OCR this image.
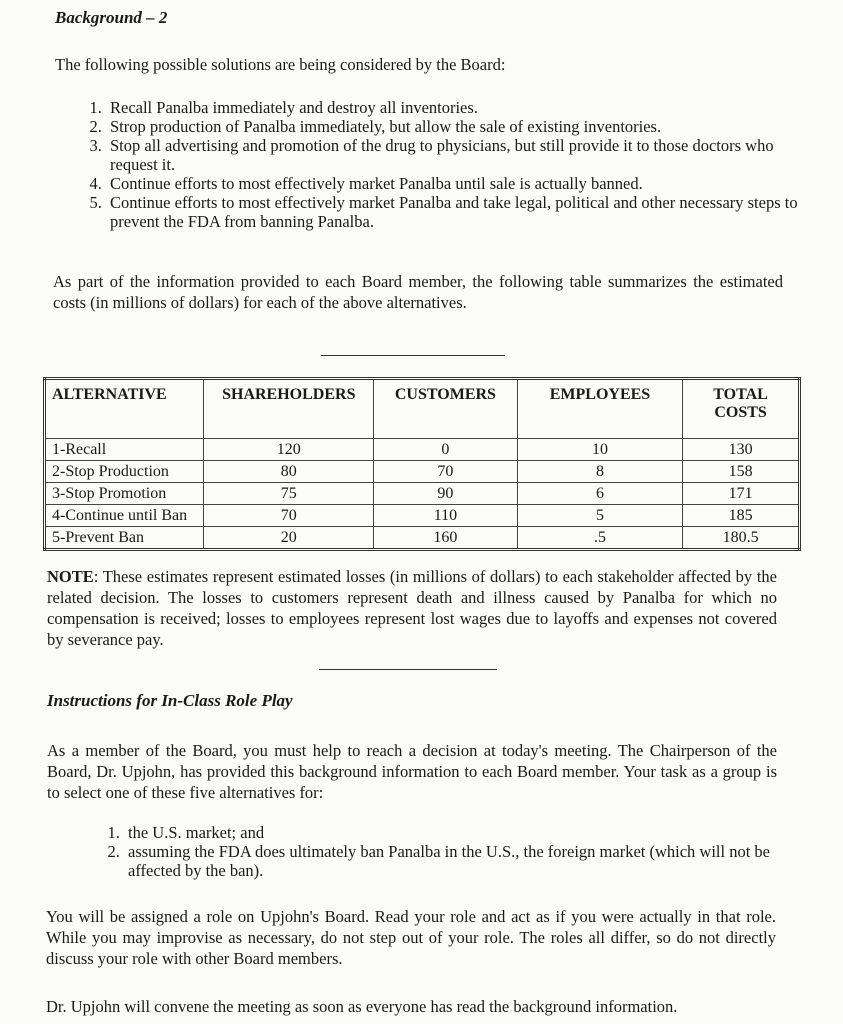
Background – 2
The following possible solutions are being considered by the Board:
1. Recall Panalba immediately and destroy all inventories.
2. Strop production of Panalba immediately, but allow the sale of existing inventories.
3. Stop all advertising and promotion of the drug to physicians, but still provide it to those doctors who request it.
4. Continue efforts to most effectively market Panalba until sale is actually banned.
5. Continue efforts to most effectively market Panalba and take legal, political and other necessary steps to prevent the FDA from banning Panalba.
As part of the information provided to each Board member, the following table summarizes the estimated costs (in millions of dollars) for each of the above alternatives.
ALTERNATIVE	SHAREHOLDERS	CUSTOMERS	EMPLOYEES	TOTAL COSTS
1-Recall	120	0	10	130
2-Stop Production	80	70	8	158
3-Stop Promotion	75	90	6	171
4-Continue until Ban	70	110	5	185
5-Prevent Ban	20	160	.5	180.5
NOTE: These estimates represent estimated losses (in millions of dollars) to each stakeholder affected by the related decision. The losses to customers represent death and illness caused by Panalba for which no compensation is received; losses to employees represent lost wages due to layoffs and expenses not covered by severance pay.
Instructions for In-Class Role Play
As a member of the Board, you must help to reach a decision at today's meeting. The Chairperson of the Board, Dr. Upjohn, has provided this background information to each Board member. Your task as a group is to select one of these five alternatives for:
1. the U.S. market; and
2. assuming the FDA does ultimately ban Panalba in the U.S., the foreign market (which will not be affected by the ban).
You will be assigned a role on Upjohn's Board. Read your role and act as if you were actually in that role. While you may improvise as necessary, do not step out of your role. The roles all differ, so do not directly discuss your role with other Board members.
Dr. Upjohn will convene the meeting as soon as everyone has read the background information.
